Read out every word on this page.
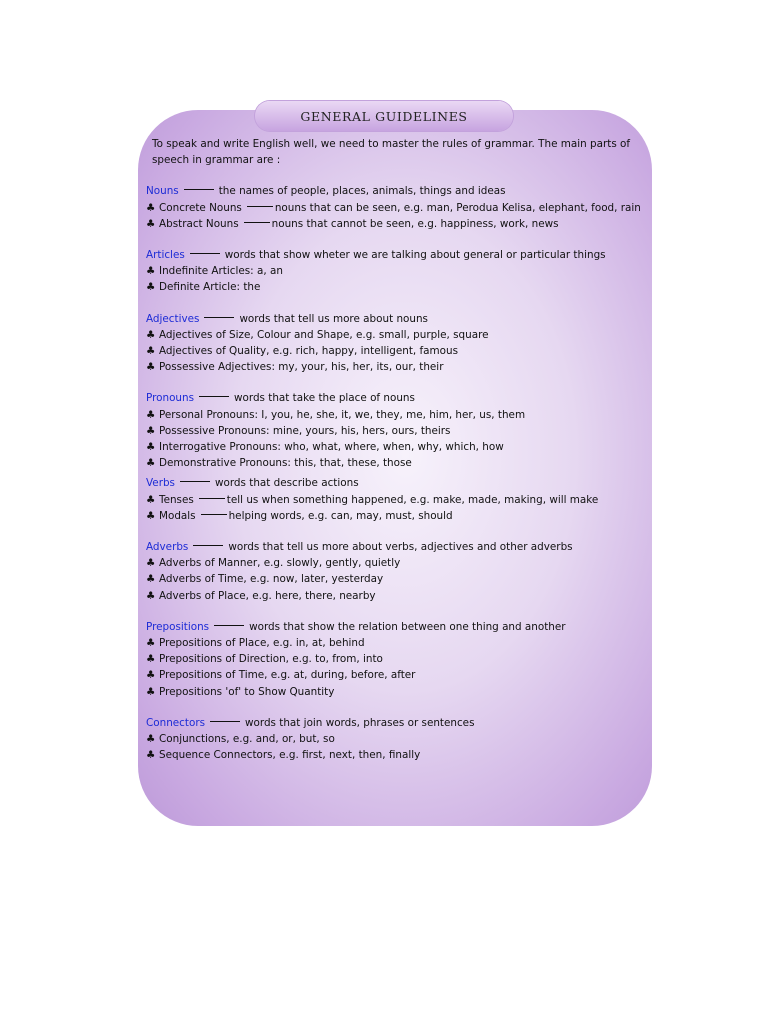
GENERAL GUIDELINES

To speak and write English well, we need to master the rules of grammar. The main parts of speech in grammar are :

Nouns	the names of people, places, animals, things and ideas

♣ Concrete Nouns	nouns that can be seen, e.g. man, Perodua Kelisa, elephant, food, rain

♣ Abstract Nouns	nouns that cannot be seen, e.g. happiness, work, news

Articles	words that show wheter we are talking about general or particular things

♣ Indefinite Articles: a, an

♣ Definite Article: the

Adjectives	words that tell us more about nouns

♣ Adjectives of Size, Colour and Shape, e.g. small, purple, square

♣ Adjectives of Quality, e.g. rich, happy, intelligent, famous

♣ Possessive Adjectives: my, your, his, her, its, our, their

Pronouns	words that take the place of nouns

♣ Personal Pronouns: I, you, he, she, it, we, they, me, him, her, us, them

♣ Possessive Pronouns: mine, yours, his, hers, ours, theirs

♣ Interrogative Pronouns: who, what, where, when, why, which, how

♣ Demonstrative Pronouns: this, that, these, those

Verbs	words that describe actions

♣ Tenses	tell us when something happened, e.g. make, made, making, will make

♣ Modals	helping words, e.g. can, may, must, should

Adverbs	words that tell us more about verbs, adjectives and other adverbs

♣ Adverbs of Manner, e.g. slowly, gently, quietly

♣ Adverbs of Time, e.g. now, later, yesterday

♣ Adverbs of Place, e.g. here, there, nearby

Prepositions	words that show the relation between one thing and another

♣ Prepositions of Place, e.g. in, at, behind

♣ Prepositions of Direction, e.g. to, from, into

♣ Prepositions of Time, e.g. at, during, before, after

♣ Prepositions 'of' to Show Quantity

Connectors	words that join words, phrases or sentences

♣ Conjunctions, e.g. and, or, but, so

♣ Sequence Connectors, e.g. first, next, then, finally
